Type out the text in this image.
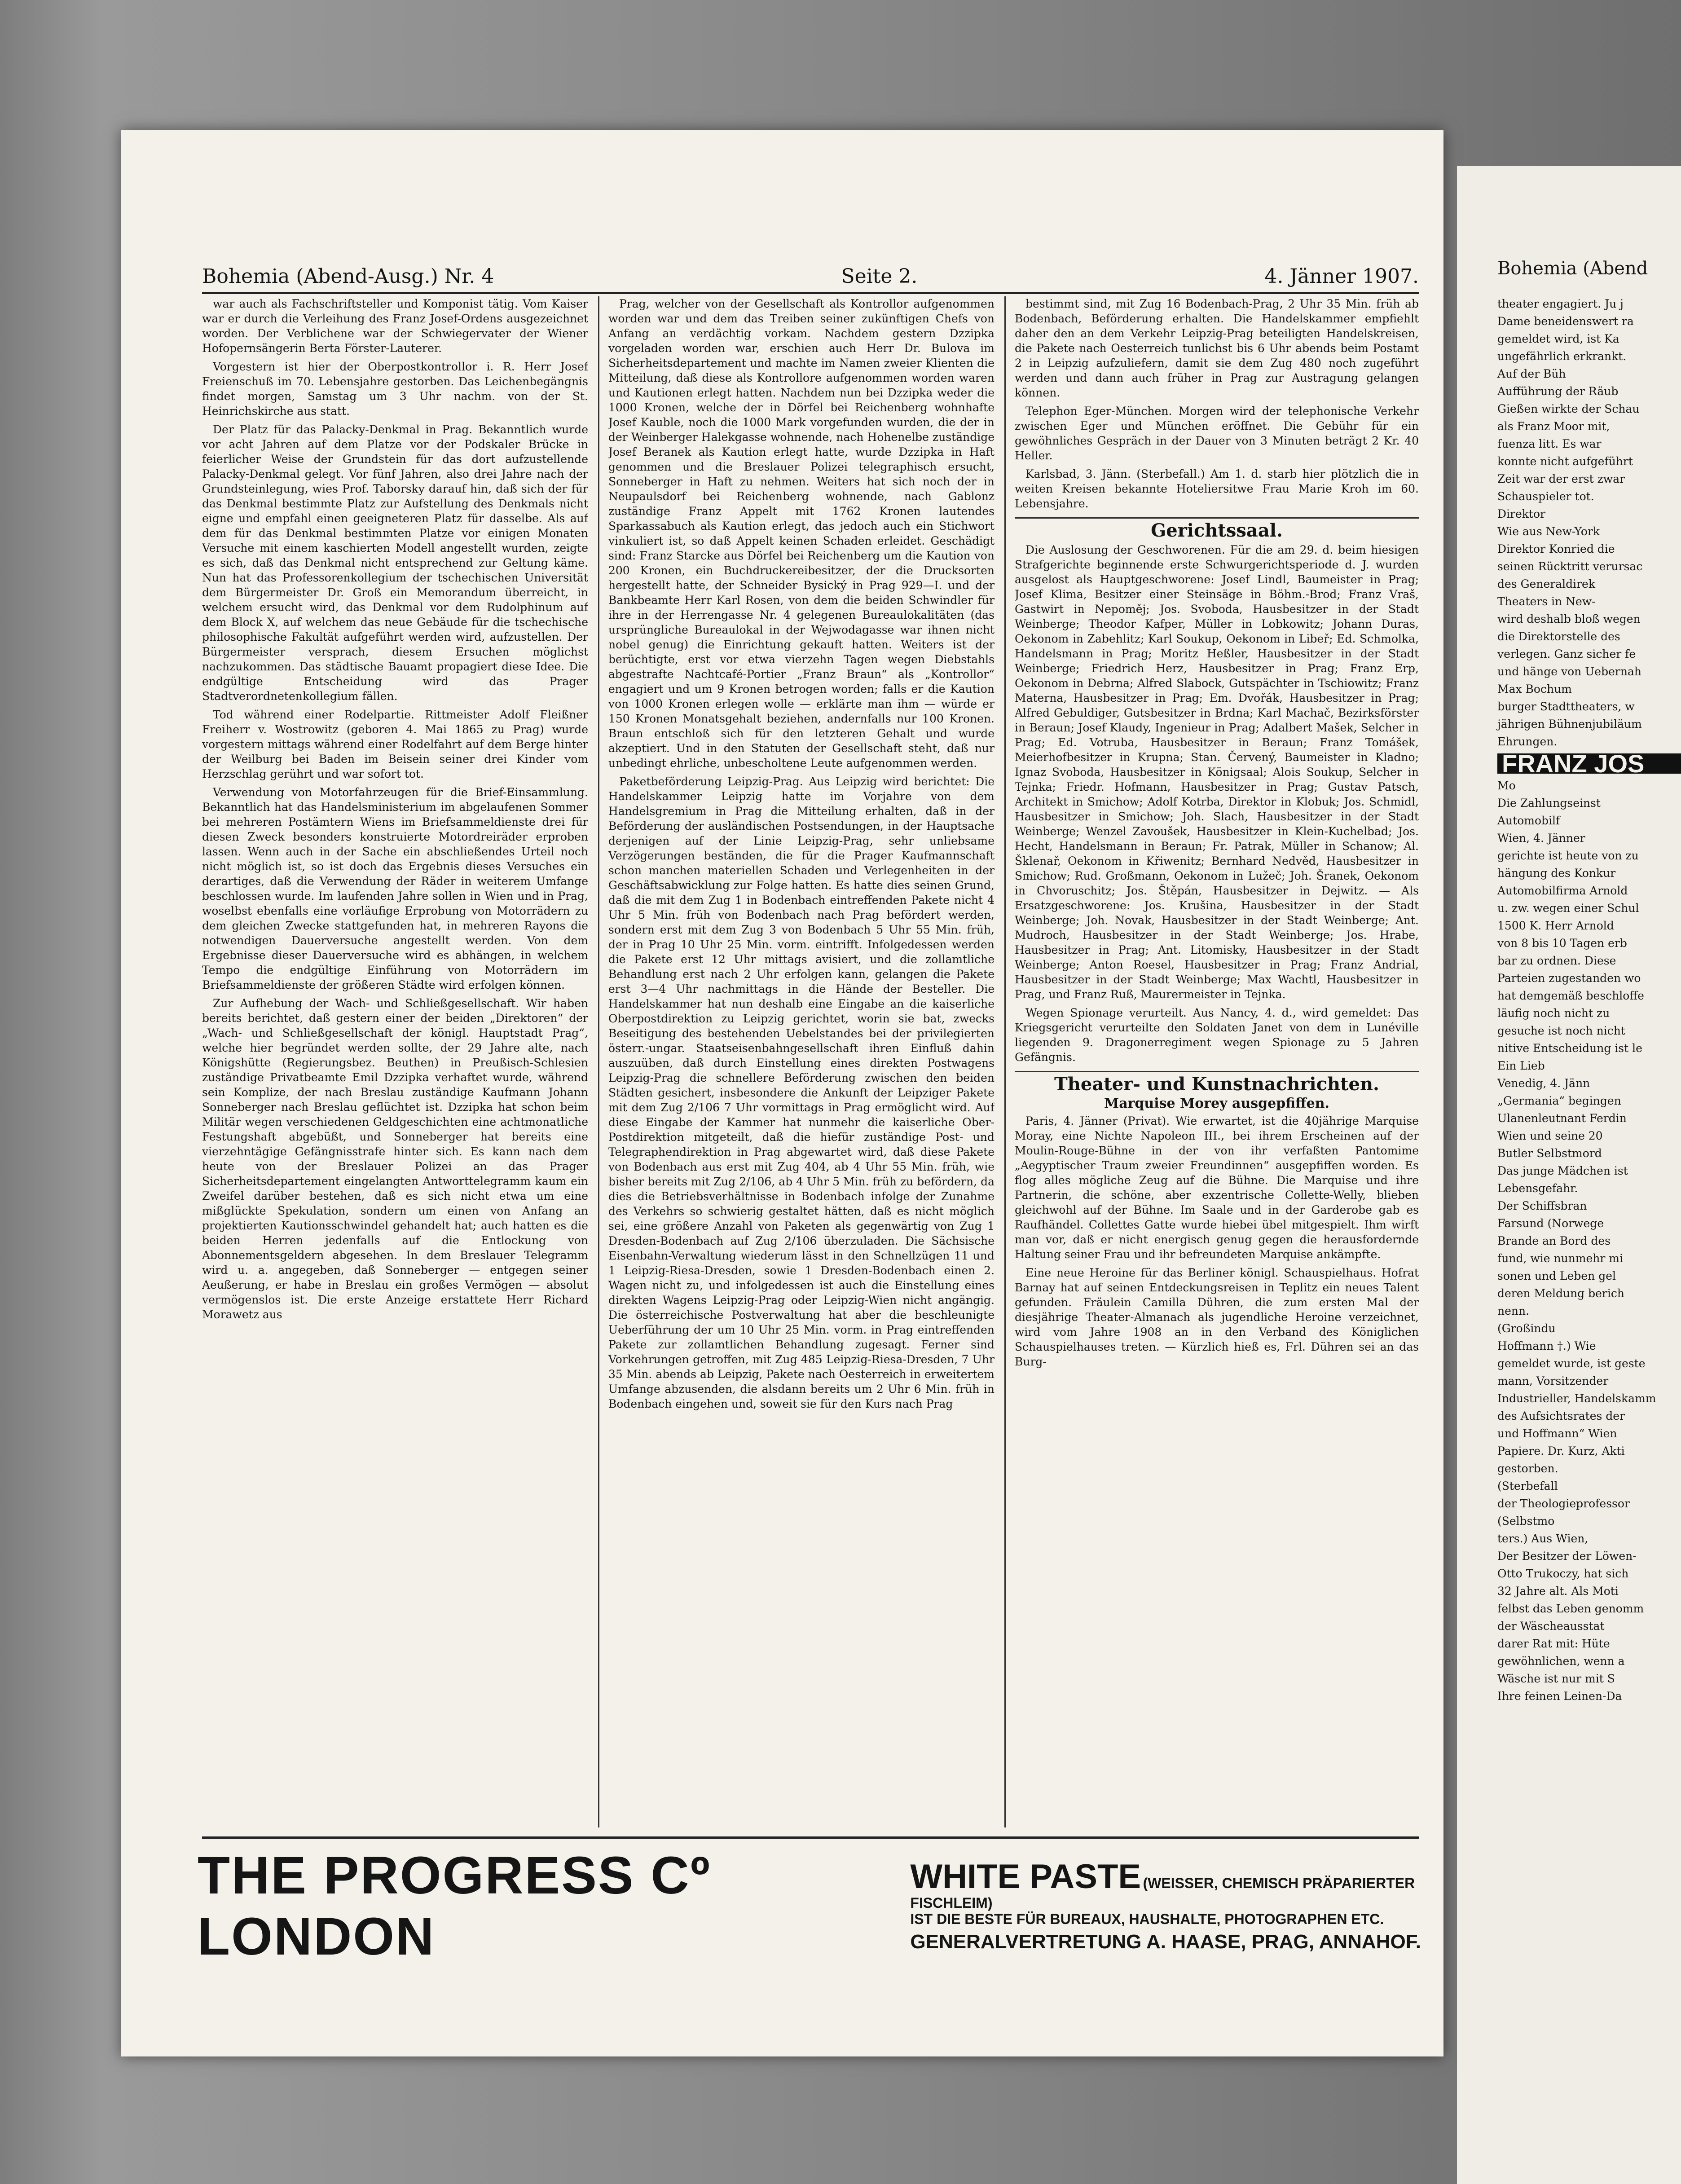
Bohemia (Abend-Ausg.) Nr. 4	Seite 2.	4. Jänner 1907.

war auch als Fachschriftsteller und Komponist tätig. Vom Kaiser war er durch die Verleihung des Franz Josef-Ordens ausgezeichnet worden. Der Verblichene war der Schwiegervater der Wiener Hofopernsängerin Berta Förster-Lauterer.

Vorgestern ist hier der Oberpostkontrollor i. R. Herr Josef Freienschuß im 70. Lebensjahre gestorben. Das Leichenbegängnis findet morgen, Samstag um 3 Uhr nachm. von der St. Heinrichskirche aus statt.

Der Platz für das Palacky-Denkmal in Prag. Bekanntlich wurde vor acht Jahren auf dem Platze vor der Podskaler Brücke in feierlicher Weise der Grundstein für das dort aufzustellende Palacky-Denkmal gelegt. Vor fünf Jahren, also drei Jahre nach der Grundsteinlegung, wies Prof. Taborsky darauf hin, daß sich der für das Denkmal bestimmte Platz zur Aufstellung des Denkmals nicht eigne und empfahl einen geeigneteren Platz für dasselbe. Als auf dem für das Denkmal bestimmten Platze vor einigen Monaten Versuche mit einem kaschierten Modell angestellt wurden, zeigte es sich, daß das Denkmal nicht entsprechend zur Geltung käme. Nun hat das Professorenkollegium der tschechischen Universität dem Bürgermeister Dr. Groß ein Memorandum überreicht, in welchem ersucht wird, das Denkmal vor dem Rudolphinum auf dem Block X, auf welchem das neue Gebäude für die tschechische philosophische Fakultät aufgeführt werden wird, aufzustellen. Der Bürgermeister versprach, diesem Ersuchen möglichst nachzukommen. Das städtische Bauamt propagiert diese Idee. Die endgültige Entscheidung wird das Prager Stadtverordnetenkollegium fällen.

Tod während einer Rodelpartie. Rittmeister Adolf Fleißner Freiherr v. Wostrowitz (geboren 4. Mai 1865 zu Prag) wurde vorgestern mittags während einer Rodelfahrt auf dem Berge hinter der Weilburg bei Baden im Beisein seiner drei Kinder vom Herzschlag gerührt und war sofort tot.

Verwendung von Motorfahrzeugen für die Brief-Einsammlung. Bekanntlich hat das Handelsministerium im abgelaufenen Sommer bei mehreren Postämtern Wiens im Briefsammeldienste drei für diesen Zweck besonders konstruierte Motordreiräder erproben lassen. Wenn auch in der Sache ein abschließendes Urteil noch nicht möglich ist, so ist doch das Ergebnis dieses Versuches ein derartiges, daß die Verwendung der Räder in weiterem Umfange beschlossen wurde. Im laufenden Jahre sollen in Wien und in Prag, woselbst ebenfalls eine vorläufige Erprobung von Motorrädern zu dem gleichen Zwecke stattgefunden hat, in mehreren Rayons die notwendigen Dauerversuche angestellt werden. Von dem Ergebnisse dieser Dauerversuche wird es abhängen, in welchem Tempo die endgültige Einführung von Motorrädern im Briefsammeldienste der größeren Städte wird erfolgen können.

Zur Aufhebung der Wach- und Schließgesellschaft. Wir haben bereits berichtet, daß gestern einer der beiden „Direktoren“ der „Wach- und Schließgesellschaft der königl. Hauptstadt Prag“, welche hier begründet werden sollte, der 29 Jahre alte, nach Königshütte (Regierungsbez. Beuthen) in Preußisch-Schlesien zuständige Privatbeamte Emil Dzzipka verhaftet wurde, während sein Komplize, der nach Breslau zuständige Kaufmann Johann Sonneberger nach Breslau geflüchtet ist. Dzzipka hat schon beim Militär wegen verschiedenen Geldgeschichten eine achtmonatliche Festungshaft abgebüßt, und Sonneberger hat bereits eine vierzehntägige Gefängnisstrafe hinter sich. Es kann nach dem heute von der Breslauer Polizei an das Prager Sicherheitsdepartement eingelangten Antworttelegramm kaum ein Zweifel darüber bestehen, daß es sich nicht etwa um eine mißglückte Spekulation, sondern um einen von Anfang an projektierten Kautionsschwindel gehandelt hat; auch hatten es die beiden Herren jedenfalls auf die Entlockung von Abonnementsgeldern abgesehen. In dem Breslauer Telegramm wird u. a. angegeben, daß Sonneberger — entgegen seiner Aeußerung, er habe in Breslau ein großes Vermögen — absolut vermögenslos ist. Die erste Anzeige erstattete Herr Richard Morawetz aus

Prag, welcher von der Gesellschaft als Kontrollor aufgenommen worden war und dem das Treiben seiner zukünftigen Chefs von Anfang an verdächtig vorkam. Nachdem gestern Dzzipka vorgeladen worden war, erschien auch Herr Dr. Bulova im Sicherheitsdepartement und machte im Namen zweier Klienten die Mitteilung, daß diese als Kontrollore aufgenommen worden waren und Kautionen erlegt hatten. Nachdem nun bei Dzzipka weder die 1000 Kronen, welche der in Dörfel bei Reichenberg wohnhafte Josef Kauble, noch die 1000 Mark vorgefunden wurden, die der in der Weinberger Halekgasse wohnende, nach Hohenelbe zuständige Josef Beranek als Kaution erlegt hatte, wurde Dzzipka in Haft genommen und die Breslauer Polizei telegraphisch ersucht, Sonneberger in Haft zu nehmen. Weiters hat sich noch der in Neupaulsdorf bei Reichenberg wohnende, nach Gablonz zuständige Franz Appelt mit 1762 Kronen lautendes Sparkassabuch als Kaution erlegt, das jedoch auch ein Stichwort vinkuliert ist, so daß Appelt keinen Schaden erleidet. Geschädigt sind: Franz Starcke aus Dörfel bei Reichenberg um die Kaution von 200 Kronen, ein Buchdruckereibesitzer, der die Drucksorten hergestellt hatte, der Schneider Bysický in Prag 929—I. und der Bankbeamte Herr Karl Rosen, von dem die beiden Schwindler für ihre in der Herrengasse Nr. 4 gelegenen Bureaulokalitäten (das ursprüngliche Bureaulokal in der Wejwodagasse war ihnen nicht nobel genug) die Einrichtung gekauft hatten. Weiters ist der berüchtigte, erst vor etwa vierzehn Tagen wegen Diebstahls abgestrafte Nachtcafé-Portier „Franz Braun“ als „Kontrollor“ engagiert und um 9 Kronen betrogen worden; falls er die Kaution von 1000 Kronen erlegen wolle — erklärte man ihm — würde er 150 Kronen Monatsgehalt beziehen, andernfalls nur 100 Kronen. Braun entschloß sich für den letzteren Gehalt und wurde akzeptiert. Und in den Statuten der Gesellschaft steht, daß nur unbedingt ehrliche, unbescholtene Leute aufgenommen werden.

Paketbeförderung Leipzig-Prag. Aus Leipzig wird berichtet: Die Handelskammer Leipzig hatte im Vorjahre von dem Handelsgremium in Prag die Mitteilung erhalten, daß in der Beförderung der ausländischen Postsendungen, in der Hauptsache derjenigen auf der Linie Leipzig-Prag, sehr unliebsame Verzögerungen beständen, die für die Prager Kaufmannschaft schon manchen materiellen Schaden und Verlegenheiten in der Geschäftsabwicklung zur Folge hatten. Es hatte dies seinen Grund, daß die mit dem Zug 1 in Bodenbach eintreffenden Pakete nicht 4 Uhr 5 Min. früh von Bodenbach nach Prag befördert werden, sondern erst mit dem Zug 3 von Bodenbach 5 Uhr 55 Min. früh, der in Prag 10 Uhr 25 Min. vorm. eintrifft. Infolgedessen werden die Pakete erst 12 Uhr mittags avisiert, und die zollamtliche Behandlung erst nach 2 Uhr erfolgen kann, gelangen die Pakete erst 3—4 Uhr nachmittags in die Hände der Besteller. Die Handelskammer hat nun deshalb eine Eingabe an die kaiserliche Oberpostdirektion zu Leipzig gerichtet, worin sie bat, zwecks Beseitigung des bestehenden Uebelstandes bei der privilegierten österr.-ungar. Staatseisenbahngesellschaft ihren Einfluß dahin auszuüben, daß durch Einstellung eines direkten Postwagens Leipzig-Prag die schnellere Beförderung zwischen den beiden Städten gesichert, insbesondere die Ankunft der Leipziger Pakete mit dem Zug 2/106 7 Uhr vormittags in Prag ermöglicht wird. Auf diese Eingabe der Kammer hat nunmehr die kaiserliche Ober-Postdirektion mitgeteilt, daß die hiefür zuständige Post- und Telegraphendirektion in Prag abgewartet wird, daß diese Pakete von Bodenbach aus erst mit Zug 404, ab 4 Uhr 55 Min. früh, wie bisher bereits mit Zug 2/106, ab 4 Uhr 5 Min. früh zu befördern, da dies die Betriebsverhältnisse in Bodenbach infolge der Zunahme des Verkehrs so schwierig gestaltet hätten, daß es nicht möglich sei, eine größere Anzahl von Paketen als gegenwärtig von Zug 1 Dresden-Bodenbach auf Zug 2/106 überzuladen. Die Sächsische Eisenbahn-Verwaltung wiederum lässt in den Schnellzügen 11 und 1 Leipzig-Riesa-Dresden, sowie 1 Dresden-Bodenbach einen 2. Wagen nicht zu, und infolgedessen ist auch die Einstellung eines direkten Wagens Leipzig-Prag oder Leipzig-Wien nicht angängig. Die österreichische Postverwaltung hat aber die beschleunigte Ueberführung der um 10 Uhr 25 Min. vorm. in Prag eintreffenden Pakete zur zollamtlichen Behandlung zugesagt. Ferner sind Vorkehrungen getroffen, mit Zug 485 Leipzig-Riesa-Dresden, 7 Uhr 35 Min. abends ab Leipzig, Pakete nach Oesterreich in erweitertem Umfange abzusenden, die alsdann bereits um 2 Uhr 6 Min. früh in Bodenbach eingehen und, soweit sie für den Kurs nach Prag

bestimmt sind, mit Zug 16 Bodenbach-Prag, 2 Uhr 35 Min. früh ab Bodenbach, Beförderung erhalten. Die Handelskammer empfiehlt daher den an dem Verkehr Leipzig-Prag beteiligten Handelskreisen, die Pakete nach Oesterreich tunlichst bis 6 Uhr abends beim Postamt 2 in Leipzig aufzuliefern, damit sie dem Zug 480 noch zugeführt werden und dann auch früher in Prag zur Austragung gelangen können.

Telephon Eger-München. Morgen wird der telephonische Verkehr zwischen Eger und München eröffnet. Die Gebühr für ein gewöhnliches Gespräch in der Dauer von 3 Minuten beträgt 2 Kr. 40 Heller.

Karlsbad, 3. Jänn. (Sterbefall.) Am 1. d. starb hier plötzlich die in weiten Kreisen bekannte Hoteliersitwe Frau Marie Kroh im 60. Lebensjahre.

Gerichtssaal.

Die Auslosung der Geschworenen. Für die am 29. d. beim hiesigen Strafgerichte beginnende erste Schwurgerichtsperiode d. J. wurden ausgelost als Hauptgeschworene: Josef Lindl, Baumeister in Prag; Josef Klima, Besitzer einer Steinsäge in Böhm.-Brod; Franz Vraš, Gastwirt in Nepoměj; Jos. Svoboda, Hausbesitzer in der Stadt Weinberge; Theodor Kafper, Müller in Lobkowitz; Johann Duras, Oekonom in Zabehlitz; Karl Soukup, Oekonom in Libeř; Ed. Schmolka, Handelsmann in Prag; Moritz Heßler, Hausbesitzer in der Stadt Weinberge; Friedrich Herz, Hausbesitzer in Prag; Franz Erp, Oekonom in Debrna; Alfred Slabock, Gutspächter in Tschiowitz; Franz Materna, Hausbesitzer in Prag; Em. Dvořák, Hausbesitzer in Prag; Alfred Gebuldiger, Gutsbesitzer in Brdna; Karl Machač, Bezirksförster in Beraun; Josef Klaudy, Ingenieur in Prag; Adalbert Mašek, Selcher in Prag; Ed. Votruba, Hausbesitzer in Beraun; Franz Tomášek, Meierhofbesitzer in Krupna; Stan. Červený, Baumeister in Kladno; Ignaz Svoboda, Hausbesitzer in Königsaal; Alois Soukup, Selcher in Tejnka; Friedr. Hofmann, Hausbesitzer in Prag; Gustav Patsch, Architekt in Smichow; Adolf Kotrba, Direktor in Klobuk; Jos. Schmidl, Hausbesitzer in Smichow; Joh. Slach, Hausbesitzer in der Stadt Weinberge; Wenzel Zavoušek, Hausbesitzer in Klein-Kuchelbad; Jos. Hecht, Handelsmann in Beraun; Fr. Patrak, Müller in Schanow; Al. Šklenař, Oekonom in Křiwenitz; Bernhard Nedvěd, Hausbesitzer in Smichow; Rud. Großmann, Oekonom in Lužeč; Joh. Šranek, Oekonom in Chvoruschitz; Jos. Štěpán, Hausbesitzer in Dejwitz. — Als Ersatzgeschworene: Jos. Krušina, Hausbesitzer in der Stadt Weinberge; Joh. Novak, Hausbesitzer in der Stadt Weinberge; Ant. Mudroch, Hausbesitzer in der Stadt Weinberge; Jos. Hrabe, Hausbesitzer in Prag; Ant. Litomisky, Hausbesitzer in der Stadt Weinberge; Anton Roesel, Hausbesitzer in Prag; Franz Andrial, Hausbesitzer in der Stadt Weinberge; Max Wachtl, Hausbesitzer in Prag, und Franz Ruß, Maurermeister in Tejnka.

Wegen Spionage verurteilt. Aus Nancy, 4. d., wird gemeldet: Das Kriegsgericht verurteilte den Soldaten Janet von dem in Lunéville liegenden 9. Dragonerregiment wegen Spionage zu 5 Jahren Gefängnis.

Theater- und Kunstnachrichten.
Marquise Morey ausgepfiffen.

Paris, 4. Jänner (Privat). Wie erwartet, ist die 40jährige Marquise Moray, eine Nichte Napoleon III., bei ihrem Erscheinen auf der Moulin-Rouge-Bühne in der von ihr verfaßten Pantomime „Aegyptischer Traum zweier Freundinnen“ ausgepfiffen worden. Es flog alles mögliche Zeug auf die Bühne. Die Marquise und ihre Partnerin, die schöne, aber exzentrische Collette-Welly, blieben gleichwohl auf der Bühne. Im Saale und in der Garderobe gab es Raufhändel. Collettes Gatte wurde hiebei übel mitgespielt. Ihm wirft man vor, daß er nicht energisch genug gegen die herausfordernde Haltung seiner Frau und ihr befreundeten Marquise ankämpfte.

Eine neue Heroine für das Berliner königl. Schauspielhaus. Hofrat Barnay hat auf seinen Entdeckungsreisen in Teplitz ein neues Talent gefunden. Fräulein Camilla Dühren, die zum ersten Mal der diesjährige Theater-Almanach als jugendliche Heroine verzeichnet, wird vom Jahre 1908 an in den Verband des Königlichen Schauspielhauses treten. — Kürzlich hieß es, Frl. Dühren sei an das Burg-

THE PROGRESS Cº LONDON
WHITE PASTE (WEISSER, CHEMISCH PRÄPARIERTER FISCHLEIM)
IST DIE BESTE FÜR BUREAUX, HAUSHALTE, PHOTOGRAPHEN ETC.
GENERALVERTRETUNG A. HAASE, PRAG, ANNAHOF.
Bohemia (Abend

theater engagiert. Ju j

Dame beneidenswert ra

gemeldet wird, ist Ka

ungefährlich erkrankt.

Auf der Büh

Aufführung der Räub

Gießen wirkte der Schau

als Franz Moor mit,

fuenza litt. Es war

konnte nicht aufgeführt

Zeit war der erst zwar

Schauspieler tot.

Direktor

Wie aus New-York

Direktor Konried die

seinen Rücktritt verursac

des Generaldirek

Theaters in New-

wird deshalb bloß wegen

die Direktorstelle des

verlegen. Ganz sicher fe

und hänge von Uebernah

Max Bochum

burger Stadttheaters, w

jährigen Bühnenjubiläum

Ehrungen.

FRANZ JOS

Mo

Die Zahlungseinst

Automobilf

Wien, 4. Jänner

gerichte ist heute von zu

hängung des Konkur

Automobilfirma Arnold

u. zw. wegen einer Schul

1500 K. Herr Arnold

von 8 bis 10 Tagen erb

bar zu ordnen. Diese

Parteien zugestanden wo

hat demgemäß beschloffe

läufig noch nicht zu

gesuche ist noch nicht

nitive Entscheidung ist le

Ein Lieb

Venedig, 4. Jänn

„Germania“ begingen

Ulanenleutnant Ferdin

Wien und seine 20

Butler Selbstmord

Das junge Mädchen ist

Lebensgefahr.

Der Schiffsbran

Farsund (Norwege

Brande an Bord des

fund, wie nunmehr mi

sonen und Leben gel

deren Meldung berich

nenn.

(Großindu

Hoffmann †.) Wie

gemeldet wurde, ist geste

mann, Vorsitzender

Industrieller, Handelskamm

des Aufsichtsrates der

und Hoffmann“ Wien

Papiere. Dr. Kurz, Akti

gestorben.

(Sterbefall

der Theologieprofessor

(Selbstmo

ters.) Aus Wien,

Der Besitzer der Löwen-

Otto Trukoczy, hat sich

32 Jahre alt. Als Moti

felbst das Leben genomm

der Wäscheausstat

darer Rat mit: Hüte

gewöhnlichen, wenn a

Wäsche ist nur mit S

Ihre feinen Leinen-Da
